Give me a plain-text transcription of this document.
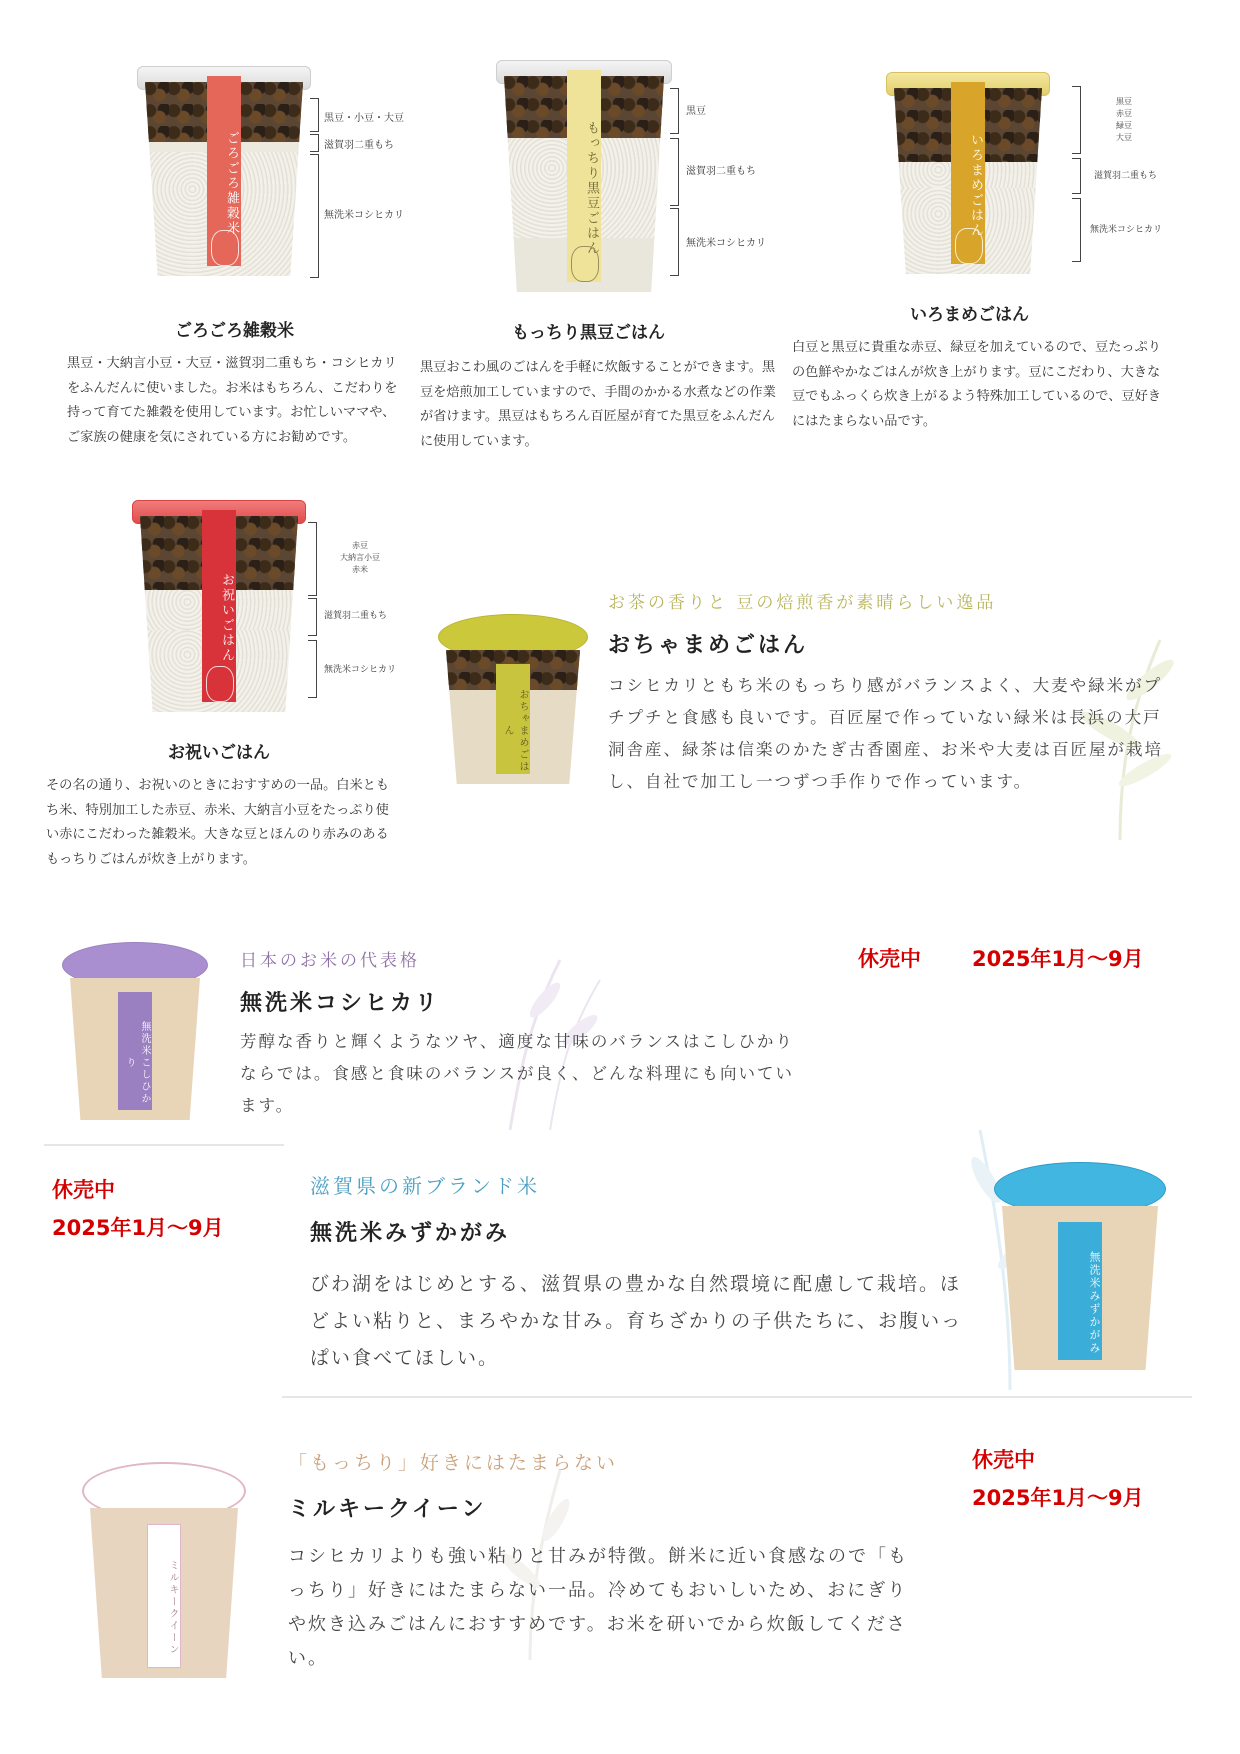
ごろごろ雑穀米
黒豆・小豆・大豆
滋賀羽二重もち
無洗米コシヒカリ
ごろごろ雑穀米
黒豆・大納言小豆・大豆・滋賀羽二重もち・コシヒカリをふんだんに使いました。お米はもちろん、こだわりを持って育てた雑穀を使用しています。お忙しいママや、ご家族の健康を気にされている方にお勧めです。
もっちり黒豆ごはん
黒豆
滋賀羽二重もち
無洗米コシヒカリ
もっちり黒豆ごはん
黒豆おこわ風のごはんを手軽に炊飯することができます。黒豆を焙煎加工していますので、手間のかかる水煮などの作業が省けます。黒豆はもちろん百匠屋が育てた黒豆をふんだんに使用しています。
いろまめごはん
黒豆
赤豆
緑豆
大豆
滋賀羽二重もち
無洗米コシヒカリ
いろまめごはん
白豆と黒豆に貴重な赤豆、緑豆を加えているので、豆たっぷりの色鮮やかなごはんが炊き上がります。豆にこだわり、大きな豆でもふっくら炊き上がるよう特殊加工しているので、豆好きにはたまらない品です。
お祝いごはん
赤豆
大納言小豆
赤米
滋賀羽二重もち
無洗米コシヒカリ
お祝いごはん
その名の通り、お祝いのときにおすすめの一品。白米ともち米、特別加工した赤豆、赤米、大納言小豆をたっぷり使い赤にこだわった雑穀米。大きな豆とほんのり赤みのあるもっちりごはんが炊き上がります。
おちゃまめごはん
お茶の香りと 豆の焙煎香が素晴らしい逸品
おちゃまめごはん
コシヒカリともち米のもっちり感がバランスよく、大麦や緑米がプチプチと食感も良いです。百匠屋で作っていない緑米は長浜の大戸洞舎産、緑茶は信楽のかたぎ古香園産、お米や大麦は百匠屋が栽培し、自社で加工し一つずつ手作りで作っています。
無洗米こしひかり
日本のお米の代表格
無洗米コシヒカリ
芳醇な香りと輝くようなツヤ、適度な甘味のバランスはこしひかりならでは。食感と食味のバランスが良く、どんな料理にも向いています。
休売中 2025年1月～9月
休売中
2025年1月～9月
滋賀県の新ブランド米
無洗米みずかがみ
びわ湖をはじめとする、滋賀県の豊かな自然環境に配慮して栽培。ほどよい粘りと、まろやかな甘み。育ちざかりの子供たちに、お腹いっぱい食べてほしい。
無洗米みずかがみ
ミルキークイーン
「もっちり」好きにはたまらない
ミルキークイーン
コシヒカリよりも強い粘りと甘みが特徴。餅米に近い食感なので「もっちり」好きにはたまらない一品。冷めてもおいしいため、おにぎりや炊き込みごはんにおすすめです。お米を研いでから炊飯してください。
休売中
2025年1月～9月
